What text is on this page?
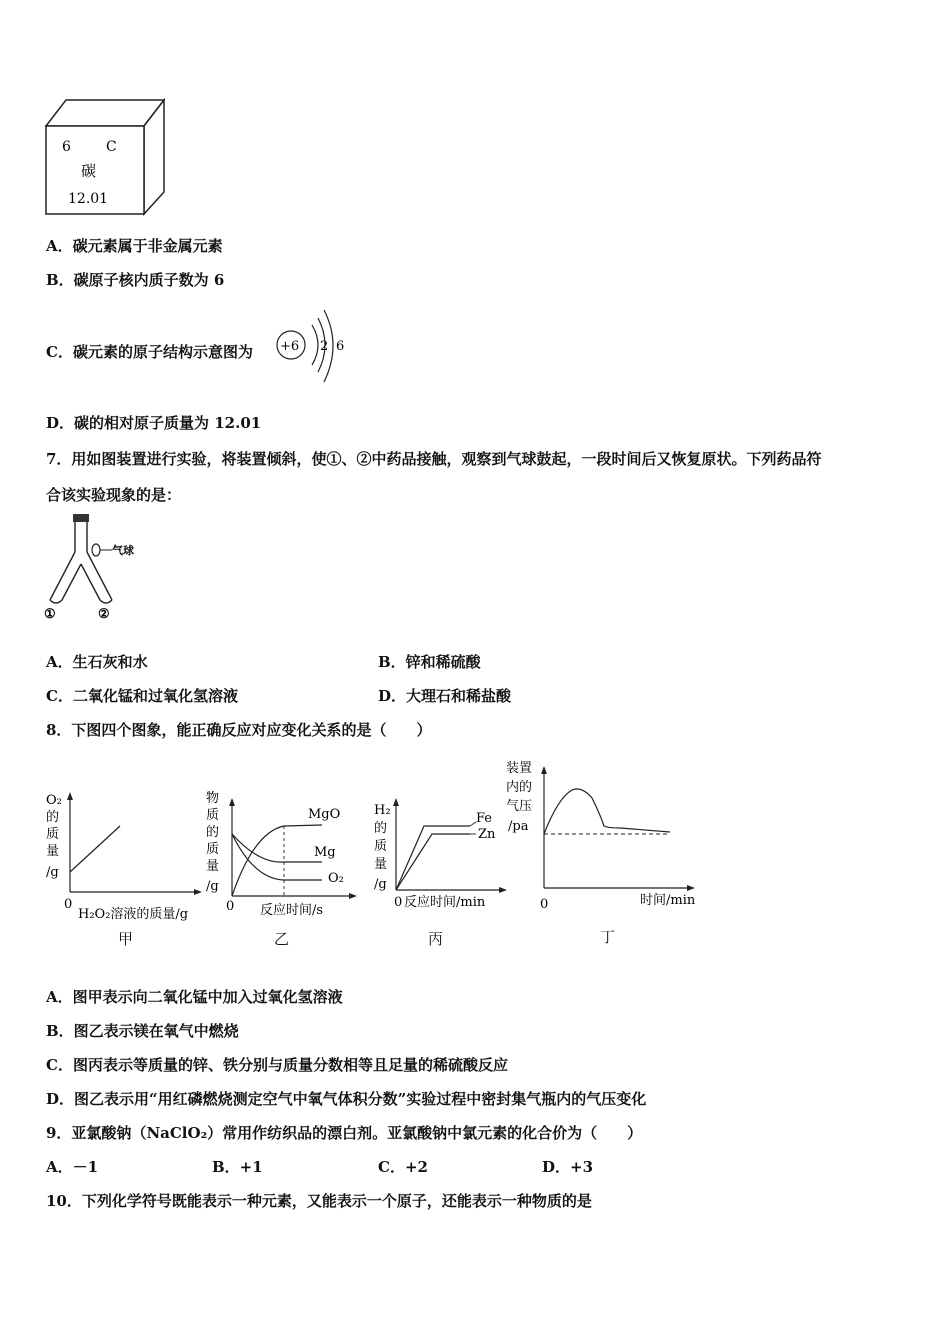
6	C
碳
12.01
A．碳元素属于非金属元素
B．碳原子核内质子数为 6
C．碳元素的原子结构示意图为 +6 2 6
D．碳的相对原子质量为 12.01
7．用如图装置进行实验，将装置倾斜，使①、②中药品接触，观察到气球鼓起，一段时间后又恢复原状。下列药品符
合该实验现象的是：
气球
①	②
A．生石灰和水	B．锌和稀硫酸
C．二氧化锰和过氧化氢溶液	D．大理石和稀盐酸
8．下图四个图象，能正确反应对应变化关系的是（　　）
O₂
的
质
量
/g
0
H₂O₂溶液的质量/g
物
质
的
质
量
/g
MgO
Mg
O₂
0 反应时间/s
H₂
的
质
量
/g
Fe
Zn
0 反应时间/min
装置
内的
气压
/pa
0	时间/min
甲	乙	丙	丁
A．图甲表示向二氧化锰中加入过氧化氢溶液
B．图乙表示镁在氧气中燃烧
C．图丙表示等质量的锌、铁分别与质量分数相等且足量的稀硫酸反应
D．图乙表示用“用红磷燃烧测定空气中氧气体积分数”实验过程中密封集气瓶内的气压变化
9．亚氯酸钠（NaClO₂）常用作纺织品的漂白剂。亚氯酸钠中氯元素的化合价为（　　）
A．－1	B．+1	C．+2	D．+3
10．下列化学符号既能表示一种元素，又能表示一个原子，还能表示一种物质的是
